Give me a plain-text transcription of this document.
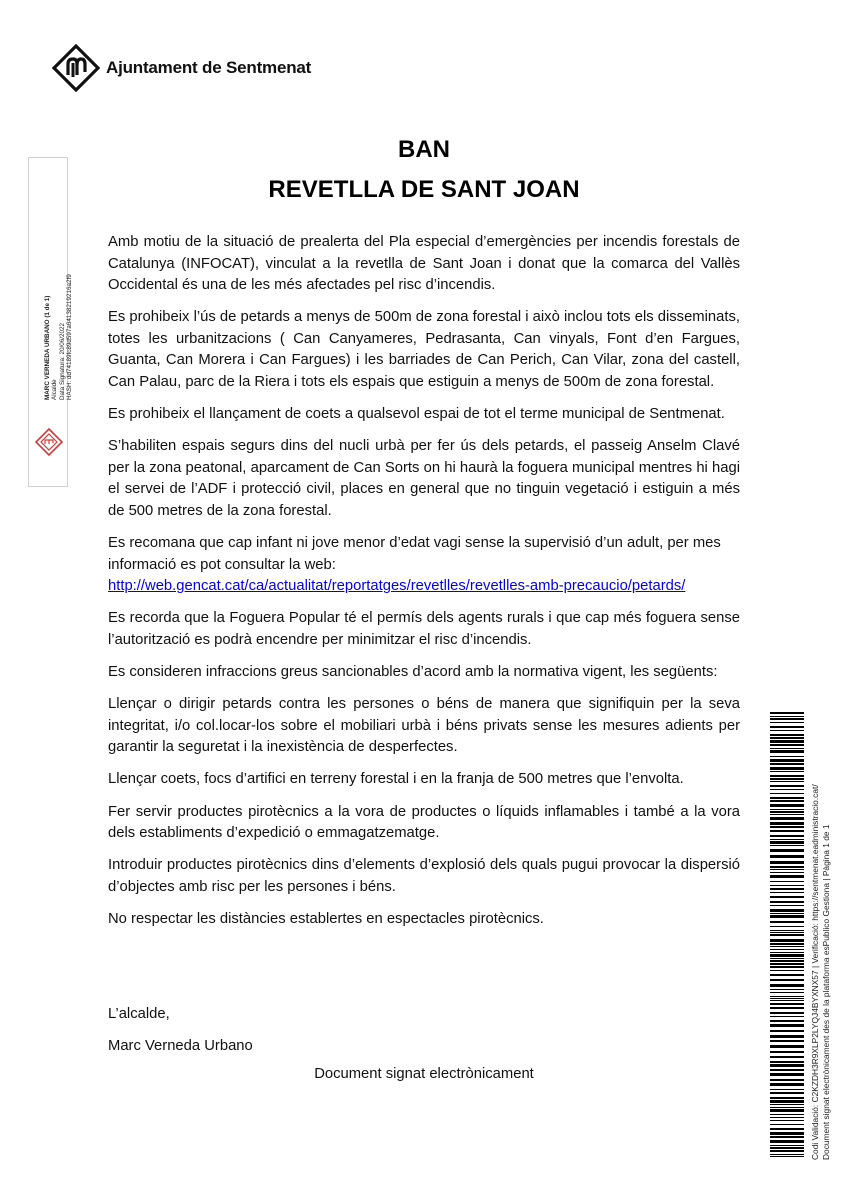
Ajuntament de Sentmenat
MARC VERNEDA URBANO (1 de 1) Alcalde Data Signatura: 20/06/2022 HASH: dd74189fc89d597a64138219216a2f9
BAN
REVETLLA DE SANT JOAN

Amb motiu de la situació de prealerta del Pla especial d’emergències per incendis forestals de Catalunya (INFOCAT), vinculat a la revetlla de Sant Joan i donat que la comarca del Vallès Occidental és una de les més afectades pel risc d’incendis.

Es prohibeix l’ús de petards a menys de 500m de zona forestal i això inclou tots els disseminats, totes les urbanitzacions ( Can Canyameres, Pedrasanta, Can vinyals, Font d’en Fargues, Guanta, Can Morera i Can Fargues) i les barriades de Can Perich, Can Vilar, zona del castell, Can Palau, parc de la Riera i tots els espais que estiguin a menys de 500m de zona forestal.

Es prohibeix el llançament de coets a qualsevol espai de tot el terme municipal de Sentmenat.

S’habiliten espais segurs dins del nucli urbà per fer ús dels petards, el passeig Anselm Clavé per la zona peatonal, aparcament de Can Sorts on hi haurà la foguera municipal mentres hi hagi el servei de l’ADF i protecció civil, places en general que no tinguin vegetació i estiguin a més de 500 metres de la zona forestal.

Es recomana que cap infant ni jove menor d’edat vagi sense la supervisió d’un adult, per mes informació es pot consultar la web:
http://web.gencat.cat/ca/actualitat/reportatges/revetlles/revetlles-amb-precaucio/petards/

Es recorda que la Foguera Popular té el permís dels agents rurals i que cap més foguera sense l’autorització es podrà encendre per minimitzar el risc d’incendis.

Es consideren infraccions greus sancionables d’acord amb la normativa vigent, les següents:

Llençar o dirigir petards contra les persones o béns de manera que signifiquin per la seva integritat, i/o col.locar-los sobre el mobiliari urbà i béns privats sense les mesures adients per garantir la seguretat i la inexistència de desperfectes.

Llençar coets, focs d’artifici en terreny forestal i en la franja de 500 metres que l’envolta.

Fer servir productes pirotècnics a la vora de productes o líquids inflamables i també a la vora dels establiments d’expedició o emmagatzematge.

Introduir productes pirotècnics dins d’elements d’explosió dels quals pugui provocar la dispersió d’objectes amb risc per les persones i béns.

No respectar les distàncies establertes en espectacles pirotècnics.

L’alcalde,
Marc Verneda Urbano
Document signat electrònicament	Codi Validació: C2KZDH3R9XLP2LYQJ4BYXNX57 | Verificació: https://sentmenat.eadministracio.cat/ Document signat electrònicament des de la plataforma esPublico Gestiona | Pàgina 1 de 1
